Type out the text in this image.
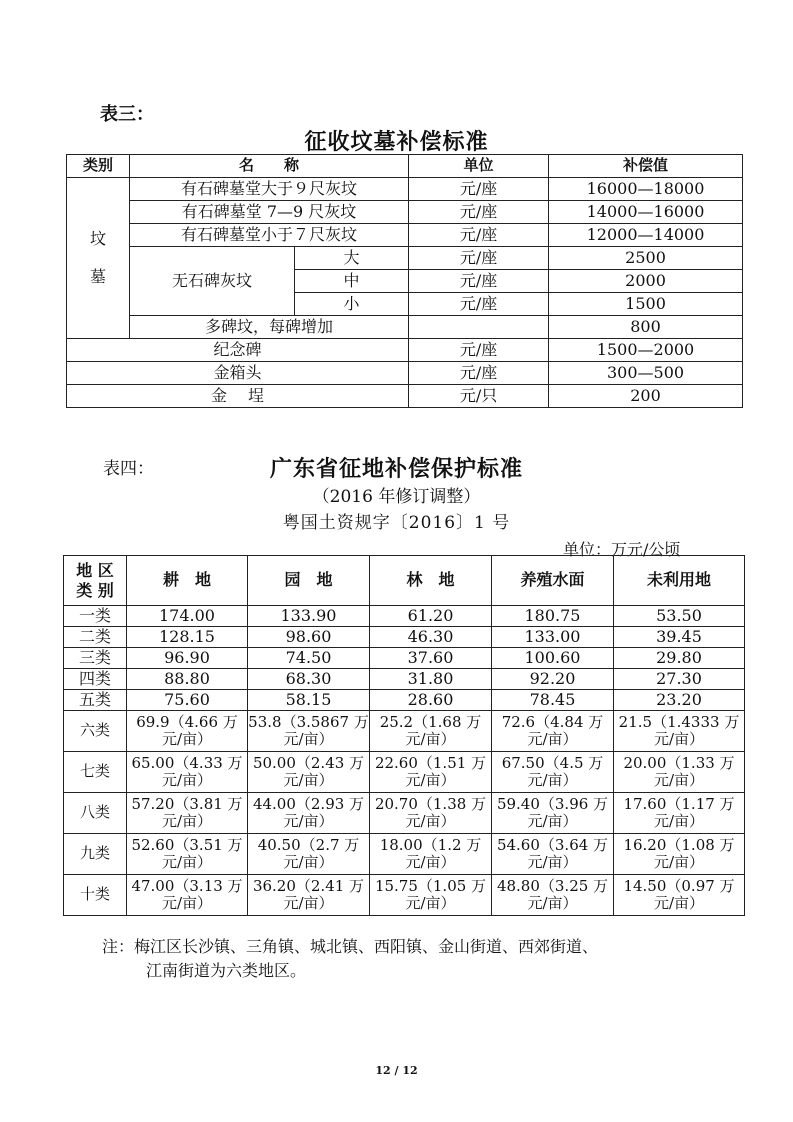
表三：
征收坟墓补偿标准
类别	名　　称		单位	补偿值

坟
墓	有石碑墓堂大于９尺灰坟		元/座	16000—18000
	有石碑墓堂 7—9 尺灰坟		元/座	14000—16000
	有石碑墓堂小于７尺灰坟		元/座	12000—14000
	无石碑灰坟	大	元/座	2500
		中	元/座	2000
		小	元/座	1500
	多碑坟，每碑增加			800
纪念碑			元/座	1500—2000
金箱头			元/座	300—500
金　 埕			元/只	200
表四：	广东省征地补偿保护标准
（2016 年修订调整）
粤国土资规字〔2016〕1 号
单位：万元/公顷
地 区
类 别	耕　地	园　地	林　地	养殖水面	未利用地
一类	174.00	133.90	61.20	180.75	53.50
二类	128.15	98.60	46.30	133.00	39.45
三类	96.90	74.50	37.60	100.60	29.80
四类	88.80	68.30	31.80	92.20	27.30
五类	75.60	58.15	28.60	78.45	23.20
六类	69.9（4.66 万元/亩）	53.8（3.5867 万元/亩）	25.2（1.68 万元/亩）	72.6（4.84 万元/亩）	21.5（1.4333 万元/亩）
七类	65.00（4.33 万元/亩）	50.00（2.43 万元/亩）	22.60（1.51 万元/亩）	67.50（4.5 万元/亩）	20.00（1.33 万元/亩）
八类	57.20（3.81 万元/亩）	44.00（2.93 万元/亩）	20.70（1.38 万元/亩）	59.40（3.96 万元/亩）	17.60（1.17 万元/亩）
九类	52.60（3.51 万元/亩）	40.50（2.7 万元/亩）	18.00（1.2 万元/亩）	54.60（3.64 万元/亩）	16.20（1.08 万元/亩）
十类	47.00（3.13 万元/亩）	36.20（2.41 万元/亩）	15.75（1.05 万元/亩）	48.80（3.25 万元/亩）	14.50（0.97 万元/亩）
注：梅江区长沙镇、三角镇、城北镇、西阳镇、金山街道、西郊街道、
江南街道为六类地区。
12 / 12
